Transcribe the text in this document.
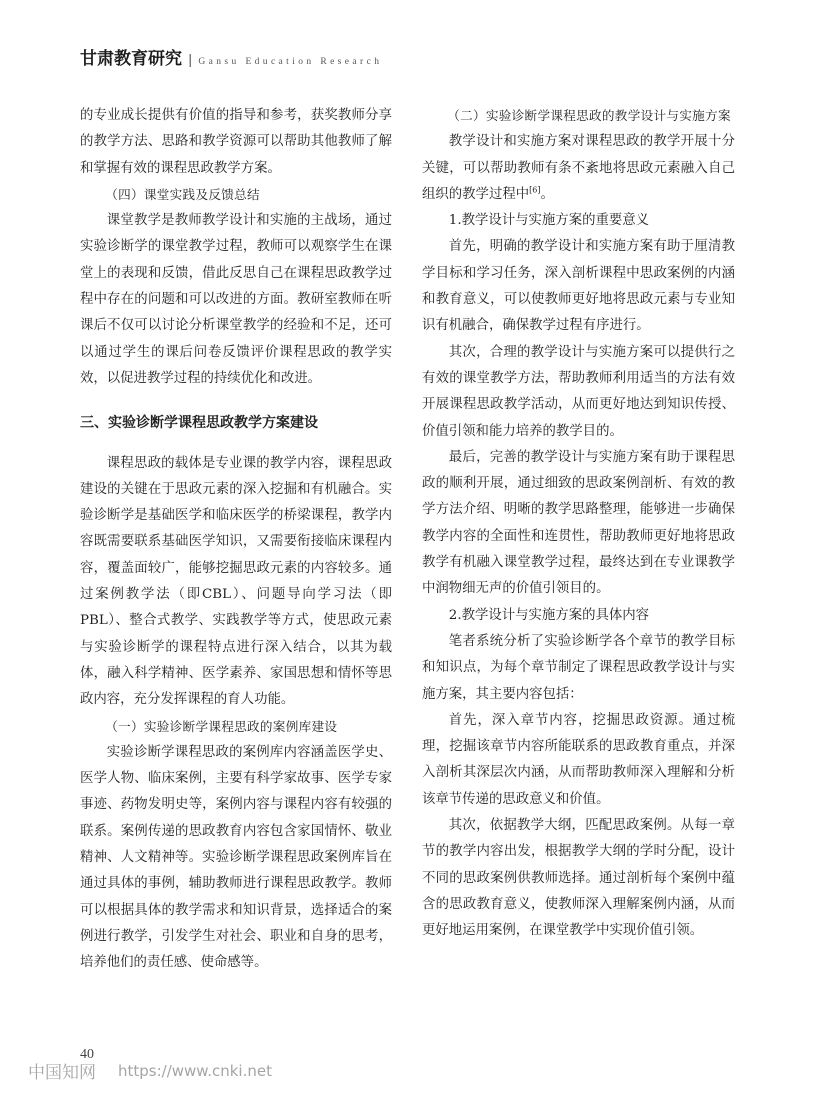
甘肃教育研究 | Gansu Education Research

的专业成长提供有价值的指导和参考，获奖教师分享的教学方法、思路和教学资源可以帮助其他教师了解和掌握有效的课程思政教学方案。

（四）课堂实践及反馈总结

课堂教学是教师教学设计和实施的主战场，通过实验诊断学的课堂教学过程，教师可以观察学生在课堂上的表现和反馈，借此反思自己在课程思政教学过程中存在的问题和可以改进的方面。教研室教师在听课后不仅可以讨论分析课堂教学的经验和不足，还可以通过学生的课后问卷反馈评价课程思政的教学实效，以促进教学过程的持续优化和改进。

三、实验诊断学课程思政教学方案建设

课程思政的载体是专业课的教学内容，课程思政建设的关键在于思政元素的深入挖掘和有机融合。实验诊断学是基础医学和临床医学的桥梁课程，教学内容既需要联系基础医学知识，又需要衔接临床课程内容，覆盖面较广，能够挖掘思政元素的内容较多。通过案例教学法（即CBL）、问题导向学习法（即PBL）、整合式教学、实践教学等方式，使思政元素与实验诊断学的课程特点进行深入结合，以其为载体，融入科学精神、医学素养、家国思想和情怀等思政内容，充分发挥课程的育人功能。

（一）实验诊断学课程思政的案例库建设

实验诊断学课程思政的案例库内容涵盖医学史、医学人物、临床案例，主要有科学家故事、医学专家事迹、药物发明史等，案例内容与课程内容有较强的联系。案例传递的思政教育内容包含家国情怀、敬业精神、人文精神等。实验诊断学课程思政案例库旨在通过具体的事例，辅助教师进行课程思政教学。教师可以根据具体的教学需求和知识背景，选择适合的案例进行教学，引发学生对社会、职业和自身的思考，培养他们的责任感、使命感等。

（二）实验诊断学课程思政的教学设计与实施方案

教学设计和实施方案对课程思政的教学开展十分关键，可以帮助教师有条不紊地将思政元素融入自己组织的教学过程中[6]。

1.教学设计与实施方案的重要意义

首先，明确的教学设计和实施方案有助于厘清教学目标和学习任务，深入剖析课程中思政案例的内涵和教育意义，可以使教师更好地将思政元素与专业知识有机融合，确保教学过程有序进行。

其次，合理的教学设计与实施方案可以提供行之有效的课堂教学方法，帮助教师利用适当的方法有效开展课程思政教学活动，从而更好地达到知识传授、价值引领和能力培养的教学目的。

最后，完善的教学设计与实施方案有助于课程思政的顺利开展，通过细致的思政案例剖析、有效的教学方法介绍、明晰的教学思路整理，能够进一步确保教学内容的全面性和连贯性，帮助教师更好地将思政教学有机融入课堂教学过程，最终达到在专业课教学中润物细无声的价值引领目的。

2.教学设计与实施方案的具体内容

笔者系统分析了实验诊断学各个章节的教学目标和知识点，为每个章节制定了课程思政教学设计与实施方案，其主要内容包括：

首先，深入章节内容，挖掘思政资源。通过梳理，挖掘该章节内容所能联系的思政教育重点，并深入剖析其深层次内涵，从而帮助教师深入理解和分析该章节传递的思政意义和价值。

其次，依据教学大纲，匹配思政案例。从每一章节的教学内容出发，根据教学大纲的学时分配，设计不同的思政案例供教师选择。通过剖析每个案例中蕴含的思政教育意义，使教师深入理解案例内涵，从而更好地运用案例，在课堂教学中实现价值引领。

40
中国知网 https://www.cnki.net
